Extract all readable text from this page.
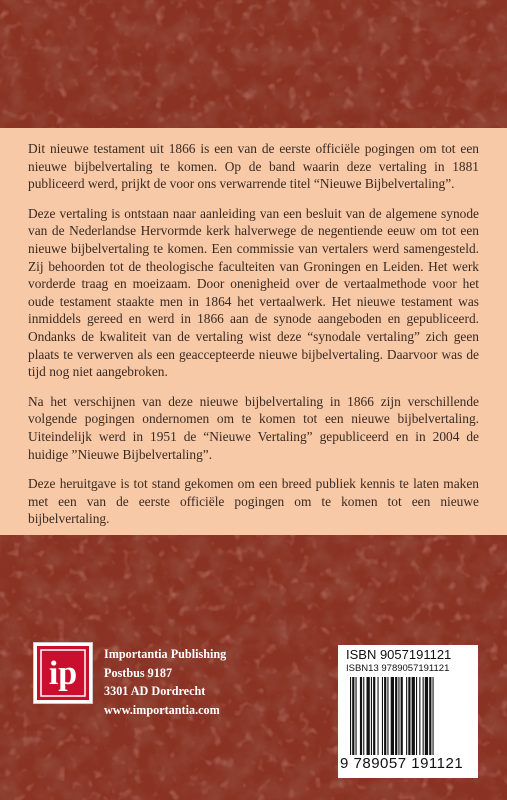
Dit nieuwe testament uit 1866 is een van de eerste officiële pogingen om tot een nieuwe bijbelvertaling te komen. Op de band waarin deze vertaling in 1881 publiceerd werd, prijkt de voor ons verwarrende titel “Nieuwe Bijbelvertaling”.

Deze vertaling is ontstaan naar aanleiding van een besluit van de algemene synode van de Nederlandse Hervormde kerk halverwege de negentiende eeuw om tot een nieuwe bijbelvertaling te komen. Een commissie van vertalers werd samengesteld. Zij behoorden tot de theologische faculteiten van Groningen en Leiden. Het werk vorderde traag en moeizaam. Door onenigheid over de vertaalmethode voor het oude testament staakte men in 1864 het vertaalwerk. Het nieuwe testament was inmiddels gereed en werd in 1866 aan de synode aangeboden en gepubliceerd. Ondanks de kwaliteit van de vertaling wist deze “synodale vertaling” zich geen plaats te verwerven als een geaccepteerde nieuwe bijbelvertaling. Daarvoor was de tijd nog niet aangebroken.

Na het verschijnen van deze nieuwe bijbelvertaling in 1866 zijn verschillende volgende pogingen ondernomen om te komen tot een nieuwe bijbelvertaling. Uiteindelijk werd in 1951 de “Nieuwe Vertaling” gepubliceerd en in 2004 de huidige ”Nieuwe Bijbelvertaling”.

Deze heruitgave is tot stand gekomen om een breed publiek kennis te laten maken met een van de eerste officiële pogingen om te komen tot een nieuwe bijbelvertaling.

ip
Importantia Publishing
Postbus 9187
3301 AD Dordrecht
www.importantia.com
ISBN 9057191121
ISBN13 9789057191121
9 789057 191121
